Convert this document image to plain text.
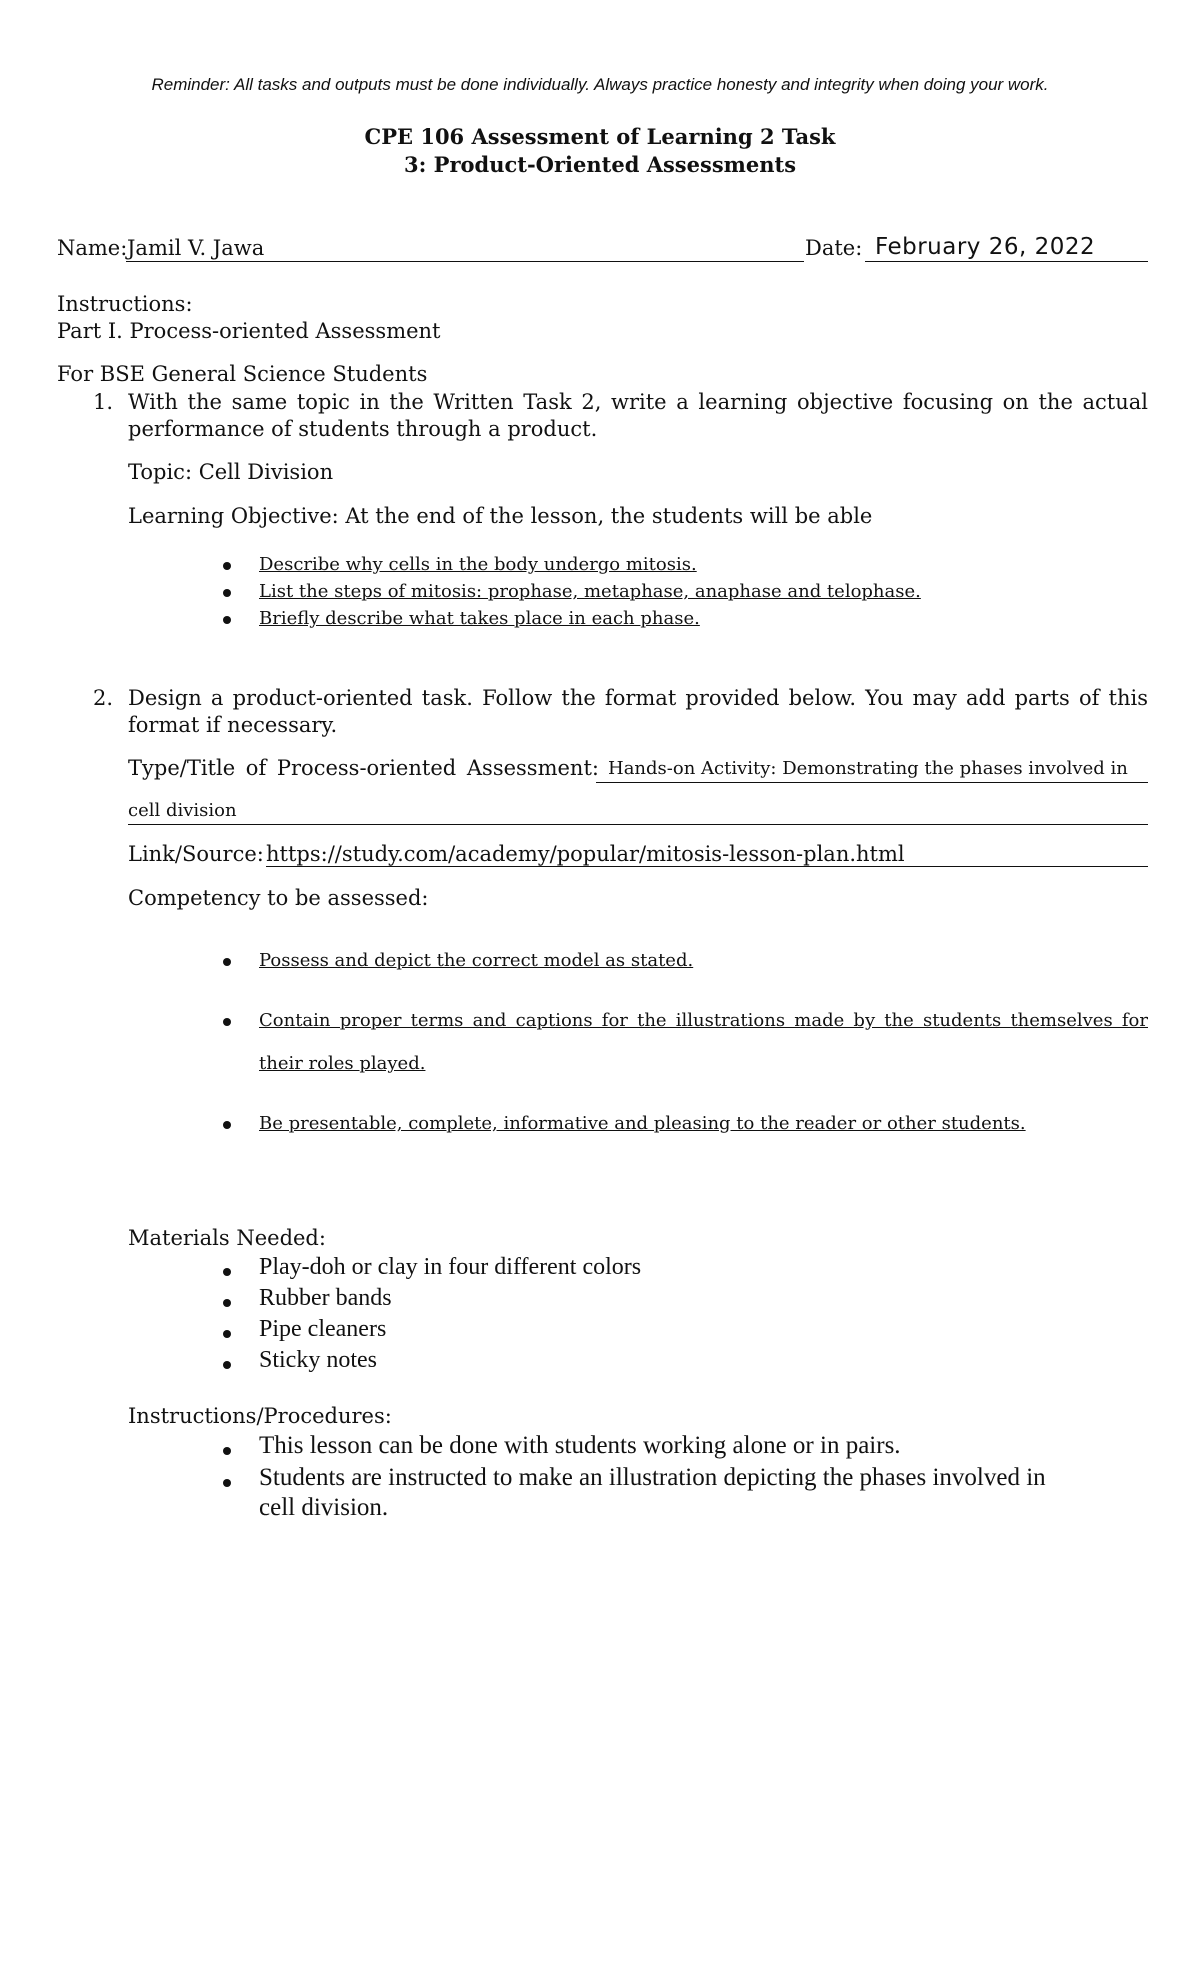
Reminder: All tasks and outputs must be done individually. Always practice honesty and integrity when doing your work.
CPE 106 Assessment of Learning 2 Task
3: Product-Oriented Assessments
Name: Jamil V. Jawa	Date: February 26, 2022
Instructions:
Part I. Process-oriented Assessment
For BSE General Science Students
1. With the same topic in the Written Task 2, write a learning objective focusing on the actual
performance of students through a product.
Topic: Cell Division
Learning Objective: At the end of the lesson, the students will be able
Describe why cells in the body undergo mitosis.
List the steps of mitosis: prophase, metaphase, anaphase and telophase.
Briefly describe what takes place in each phase.
2. Design a product-oriented task. Follow the format provided below. You may add parts of this
format if necessary.
Type/Title of Process-oriented Assessment: Hands-on Activity: Demonstrating the phases involved in
cell division
Link/Source: https://study.com/academy/popular/mitosis-lesson-plan.html
Competency to be assessed:
Possess and depict the correct model as stated.
Contain proper terms and captions for the illustrations made by the students themselves for
their roles played.
Be presentable, complete, informative and pleasing to the reader or other students.
Materials Needed:
Play-doh or clay in four different colors
Rubber bands
Pipe cleaners
Sticky notes
Instructions/Procedures:
This lesson can be done with students working alone or in pairs.
Students are instructed to make an illustration depicting the phases involved in
cell division.
